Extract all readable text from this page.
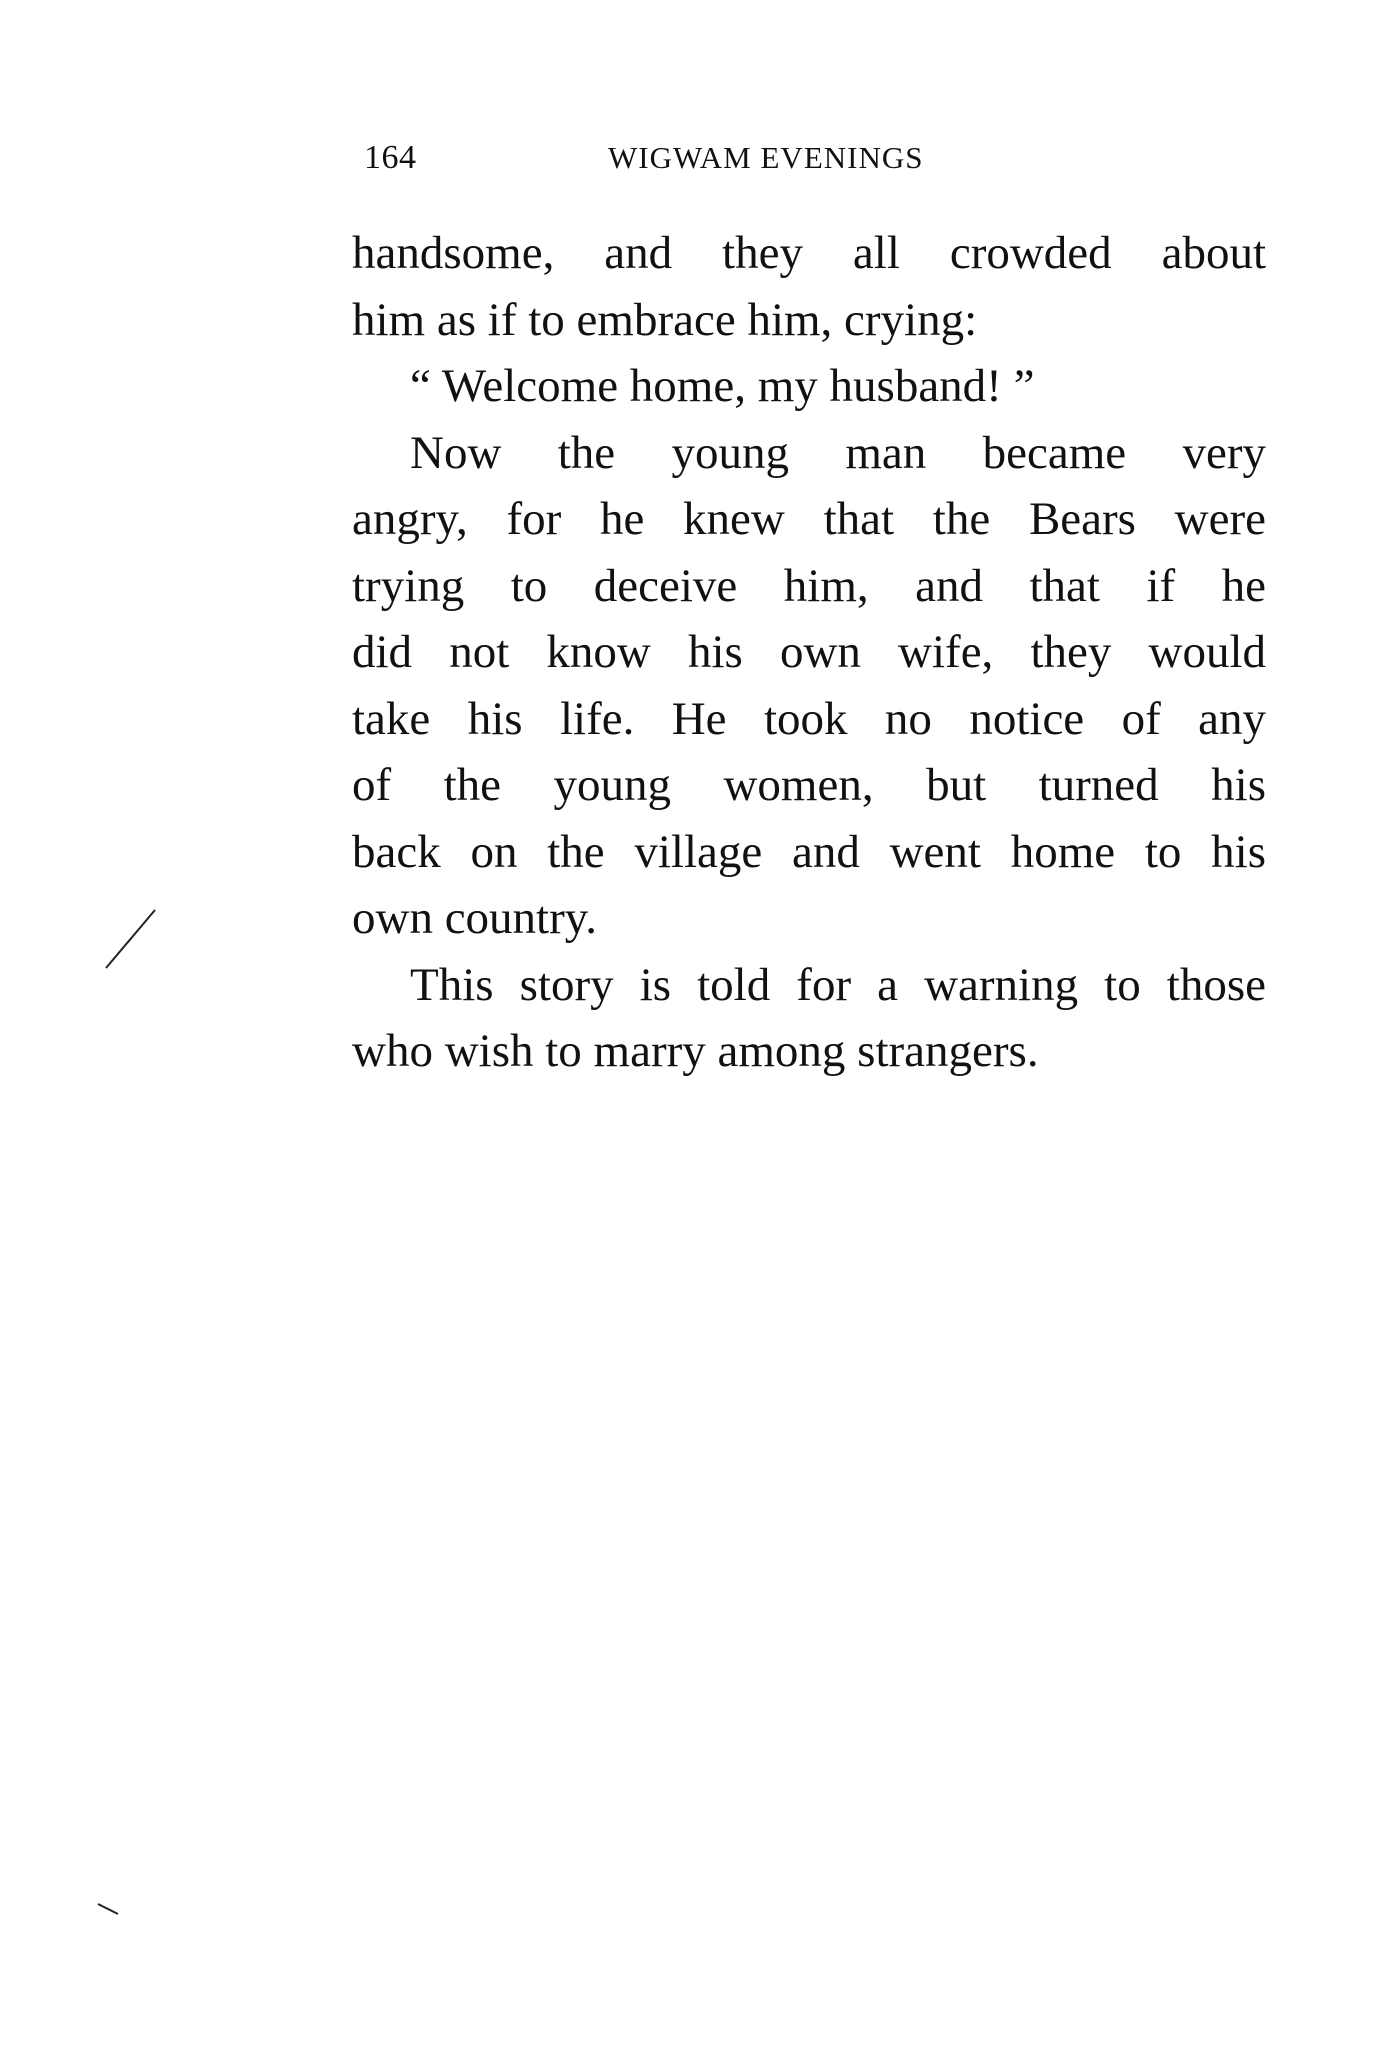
164	WIGWAM EVENINGS
handsome, and they all crowded about
him as if to embrace him, crying:
“ Welcome home, my husband! ”
Now the young man became very
angry, for he knew that the Bears were
trying to deceive him, and that if he
did not know his own wife, they would
take his life. He took no notice of any
of the young women, but turned his
back on the village and went home to his
own country.
This story is told for a warning to those
who wish to marry among strangers.
